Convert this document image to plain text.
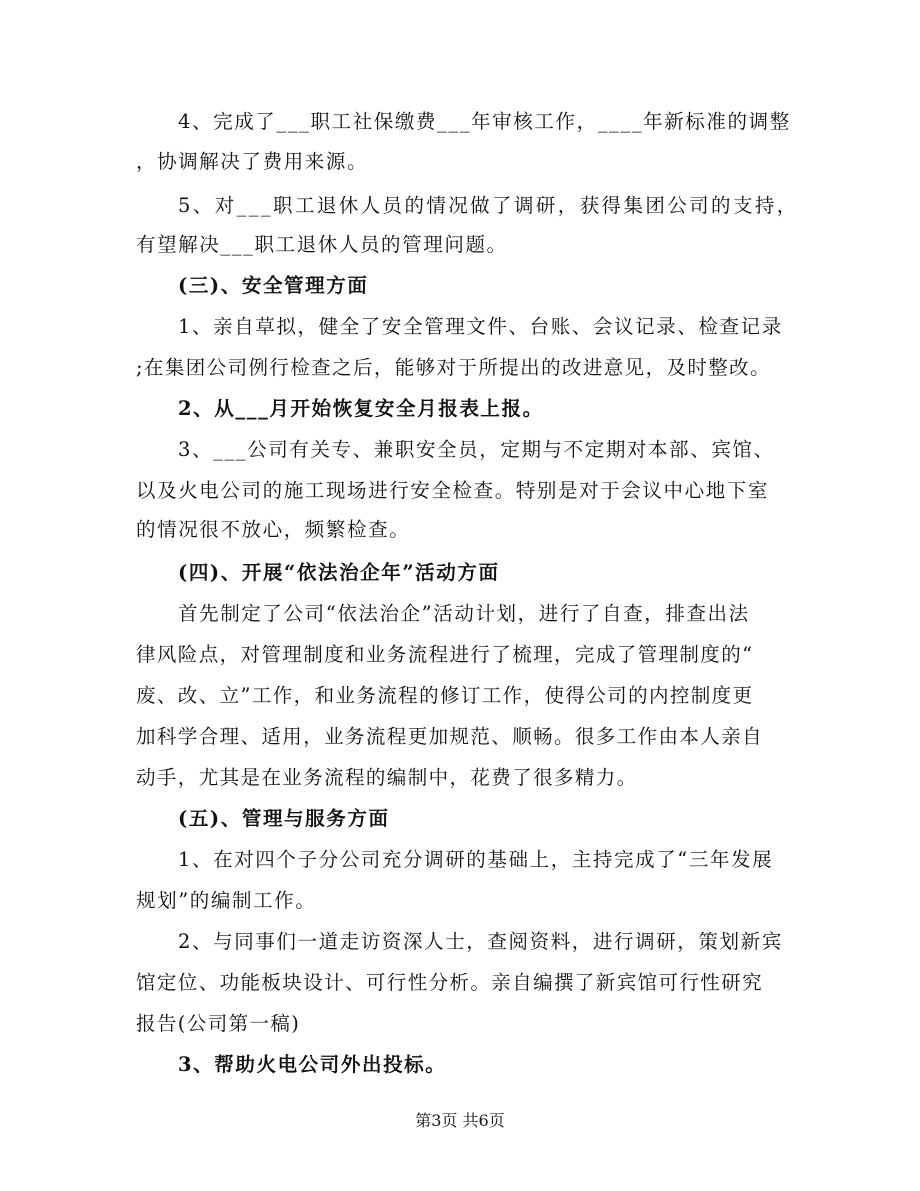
4、完成了___职工社保缴费___年审核工作，____年新标准的调整
，协调解决了费用来源。
5、对___职工退休人员的情况做了调研，获得集团公司的支持，
有望解决___职工退休人员的管理问题。
(三)、安全管理方面
1、亲自草拟，健全了安全管理文件、台账、会议记录、检查记录
;在集团公司例行检查之后，能够对于所提出的改进意见，及时整改。
2、从___月开始恢复安全月报表上报。
3、___公司有关专、兼职安全员，定期与不定期对本部、宾馆、
以及火电公司的施工现场进行安全检查。特别是对于会议中心地下室
的情况很不放心，频繁检查。
(四)、开展“依法治企年”活动方面
首先制定了公司“依法治企”活动计划，进行了自查，排查出法
律风险点，对管理制度和业务流程进行了梳理，完成了管理制度的“
废、改、立”工作，和业务流程的修订工作，使得公司的内控制度更
加科学合理、适用，业务流程更加规范、顺畅。很多工作由本人亲自
动手，尤其是在业务流程的编制中，花费了很多精力。
(五)、管理与服务方面
1、在对四个子分公司充分调研的基础上，主持完成了“三年发展
规划”的编制工作。
2、与同事们一道走访资深人士，查阅资料，进行调研，策划新宾
馆定位、功能板块设计、可行性分析。亲自编撰了新宾馆可行性研究
报告(公司第一稿)
3、帮助火电公司外出投标。
第3页 共6页
